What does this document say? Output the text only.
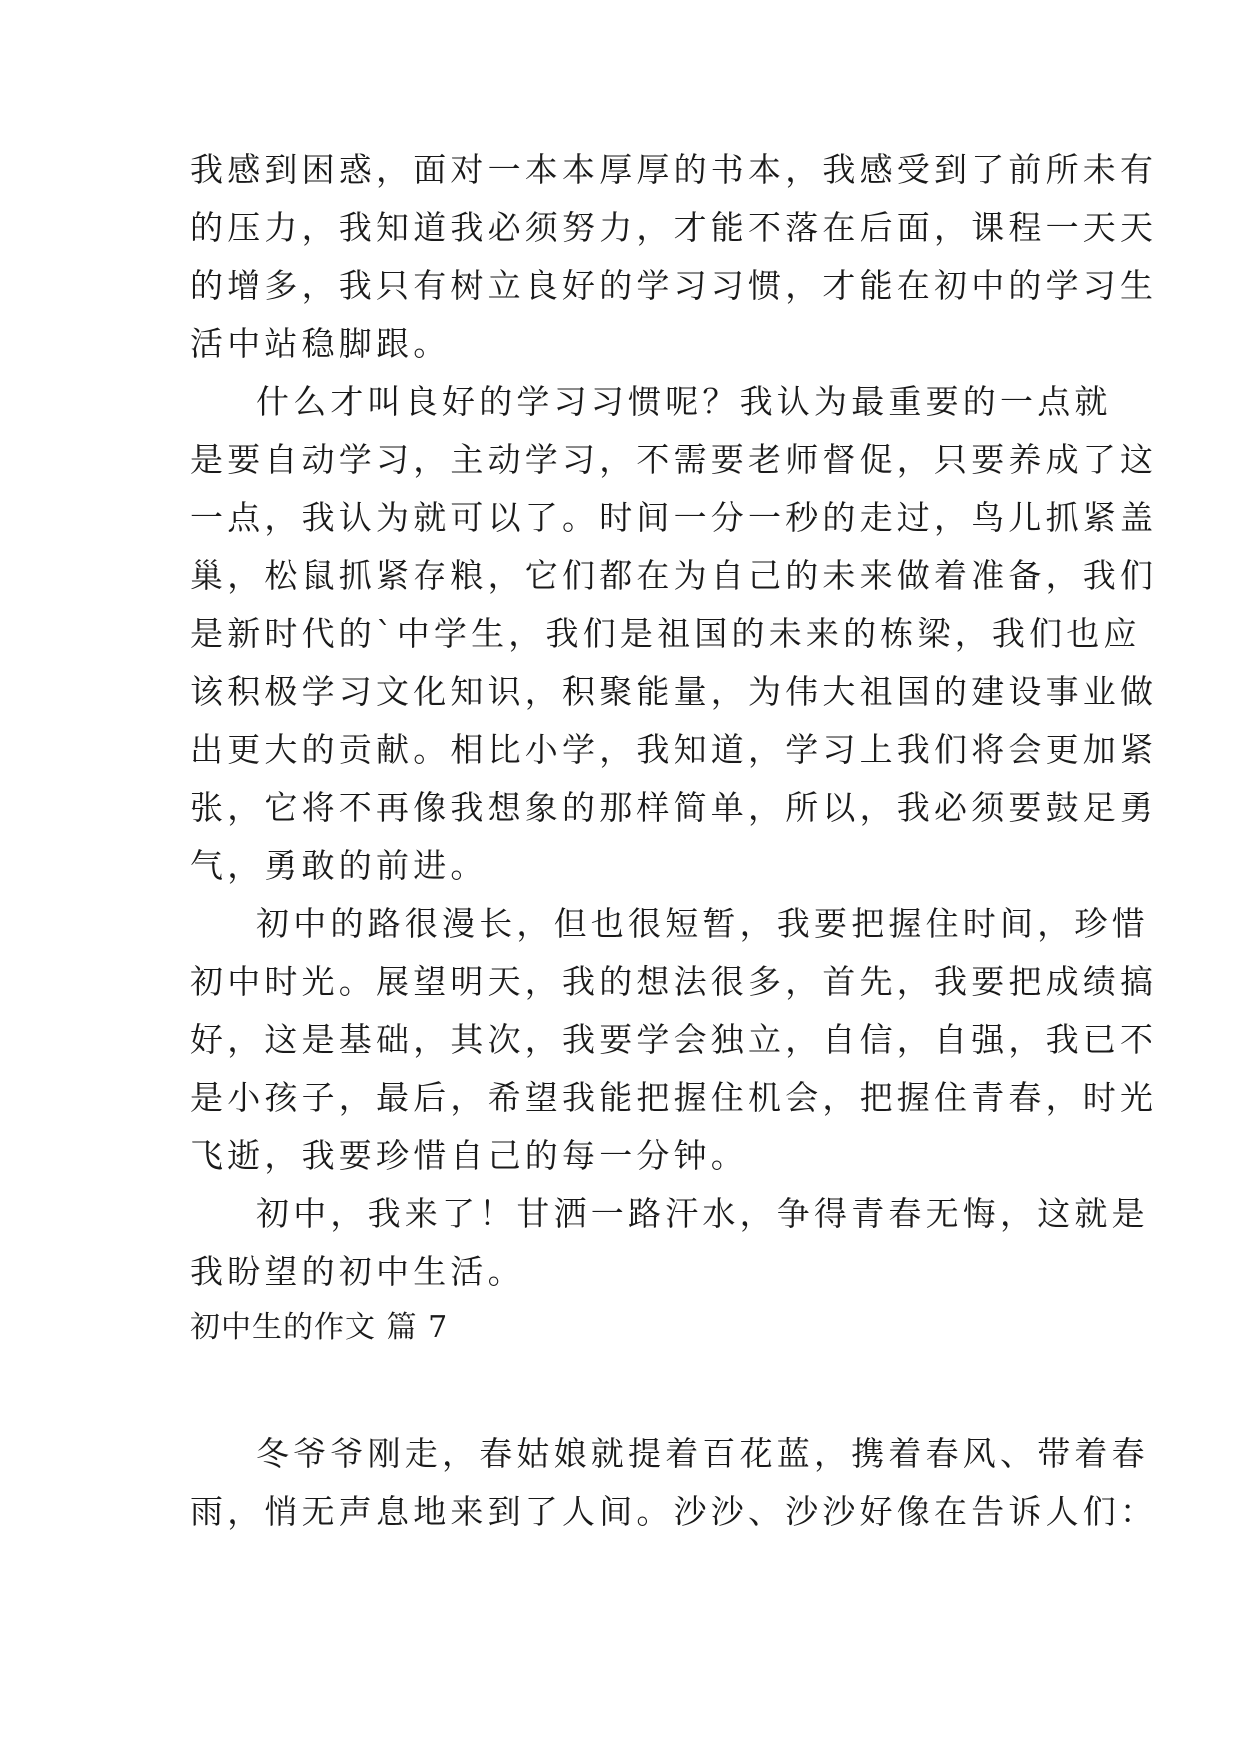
我感到困惑，面对一本本厚厚的书本，我感受到了前所未有
的压力，我知道我必须努力，才能不落在后面，课程一天天
的增多，我只有树立良好的学习习惯，才能在初中的学习生
活中站稳脚跟。
什么才叫良好的学习习惯呢？我认为最重要的一点就
是要自动学习，主动学习，不需要老师督促，只要养成了这
一点，我认为就可以了。时间一分一秒的走过，鸟儿抓紧盖
巢，松鼠抓紧存粮，它们都在为自己的未来做着准备，我们
是新时代的`中学生，我们是祖国的未来的栋梁，我们也应
该积极学习文化知识，积聚能量，为伟大祖国的建设事业做
出更大的贡献。相比小学，我知道，学习上我们将会更加紧
张，它将不再像我想象的那样简单，所以，我必须要鼓足勇
气，勇敢的前进。
初中的路很漫长，但也很短暂，我要把握住时间，珍惜
初中时光。展望明天，我的想法很多，首先，我要把成绩搞
好，这是基础，其次，我要学会独立，自信，自强，我已不
是小孩子，最后，希望我能把握住机会，把握住青春，时光
飞逝，我要珍惜自己的每一分钟。
初中，我来了！甘洒一路汗水，争得青春无悔，这就是
我盼望的初中生活。
初中生的作文 篇 7
冬爷爷刚走，春姑娘就提着百花蓝，携着春风、带着春
雨，悄无声息地来到了人间。沙沙、沙沙好像在告诉人们：
